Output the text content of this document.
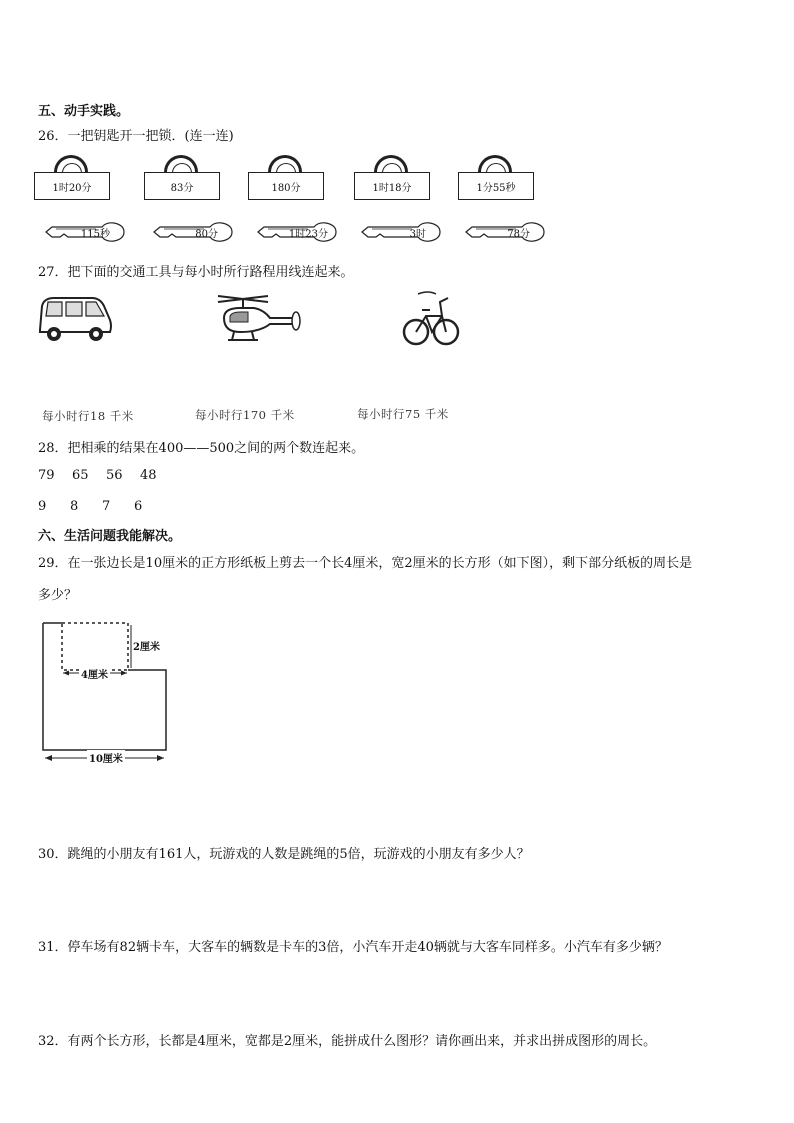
五、动手实践。
26．一把钥匙开一把锁．(连一连)
1时20分	83分	180分	1时18分	1分55秒
115秒	80分	1时23分	3时	78分
27．把下面的交通工具与每小时所行路程用线连起来。
每小时行18 千米	每小时行170 千米	每小时行75 千米
28．把相乘的结果在400——500之间的两个数连起来。
79 65 56 48
9 8 7 6
六、生活问题我能解决。
29．在一张边长是10厘米的正方形纸板上剪去一个长4厘米，宽2厘米的长方形（如下图），剩下部分纸板的周长是
多少？
2厘米
4厘米
10厘米
30．跳绳的小朋友有161人，玩游戏的人数是跳绳的5倍，玩游戏的小朋友有多少人？
31．停车场有82辆卡车，大客车的辆数是卡车的3倍，小汽车开走40辆就与大客车同样多。小汽车有多少辆？
32．有两个长方形，长都是4厘米，宽都是2厘米，能拼成什么图形？请你画出来，并求出拼成图形的周长。
